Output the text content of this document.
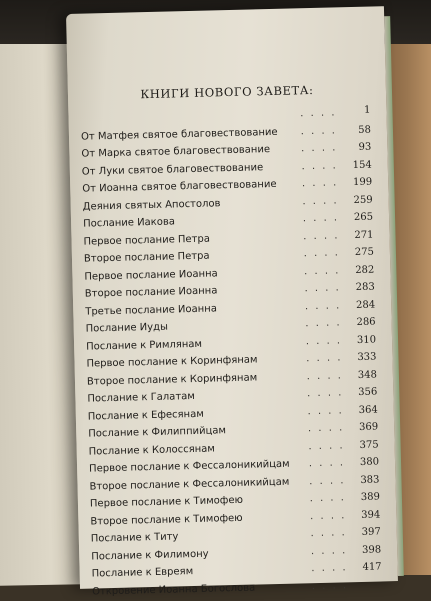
КНИГИ НОВОГО ЗАВЕТА:
. . . .	1
. . . .
От Матфея святое благовествование	58
. . . .
От Марка святое благовествование	93
. . . .
От Луки святое благовествование	154
. . . .
От Иоанна святое благовествование	199
. . . .
Деяния святых Апостолов	259
. . . .
Послание Иакова	265
. . . .
Первое послание Петра	271
. . . .
Второе послание Петра	275
. . . .
Первое послание Иоанна	282
. . . .
Второе послание Иоанна	283
. . . .
Третье послание Иоанна	284
. . . .
Послание Иуды	286
. . . .
Послание к Римлянам	310
. . . .
Первое послание к Коринфянам	333
. . . .
Второе послание к Коринфянам	348
. . . .
Послание к Галатам	356
. . . .
Послание к Ефесянам	364
. . . .
Послание к Филиппийцам	369
. . . .
Послание к Колоссянам	375
. . . .
Первое послание к Фессалоникийцам	380
. . . .
Второе послание к Фессалоникийцам	383
. . . .
Первое послание к Тимофею	389
. . . .
Второе послание к Тимофею	394
. . . .
Послание к Титу	397
. . . .
Послание к Филимону	398
. . . .
Послание к Евреям	417
. . . .
Откровение Иоанна Богослова
